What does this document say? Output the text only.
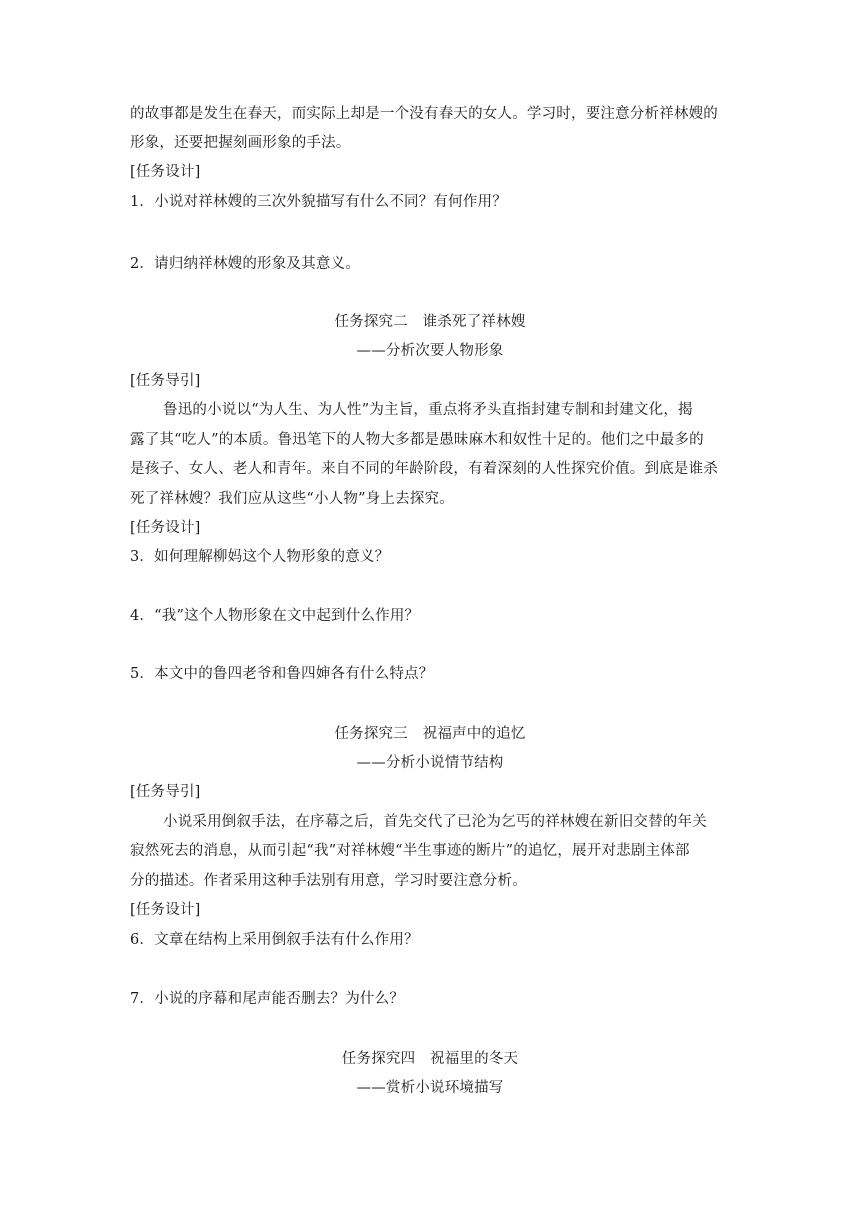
的故事都是发生在春天，而实际上却是一个没有春天的女人。学习时，要注意分析祥林嫂的
形象，还要把握刻画形象的手法。
[任务设计]
1．小说对祥林嫂的三次外貌描写有什么不同？有何作用？
2．请归纳祥林嫂的形象及其意义。
任务探究二　谁杀死了祥林嫂
——分析次要人物形象
[任务导引]
鲁迅的小说以“为人生、为人性”为主旨，重点将矛头直指封建专制和封建文化，揭
露了其“吃人”的本质。鲁迅笔下的人物大多都是愚昧麻木和奴性十足的。他们之中最多的
是孩子、女人、老人和青年。来自不同的年龄阶段，有着深刻的人性探究价值。到底是谁杀
死了祥林嫂？我们应从这些“小人物”身上去探究。
[任务设计]
3．如何理解柳妈这个人物形象的意义？
4．“我”这个人物形象在文中起到什么作用？
5．本文中的鲁四老爷和鲁四婶各有什么特点？
任务探究三　祝福声中的追忆
——分析小说情节结构
[任务导引]
小说采用倒叙手法，在序幕之后，首先交代了已沦为乞丐的祥林嫂在新旧交替的年关
寂然死去的消息，从而引起“我”对祥林嫂“半生事迹的断片”的追忆，展开对悲剧主体部
分的描述。作者采用这种手法别有用意，学习时要注意分析。
[任务设计]
6．文章在结构上采用倒叙手法有什么作用？
7．小说的序幕和尾声能否删去？为什么？
任务探究四　祝福里的冬天
——赏析小说环境描写
